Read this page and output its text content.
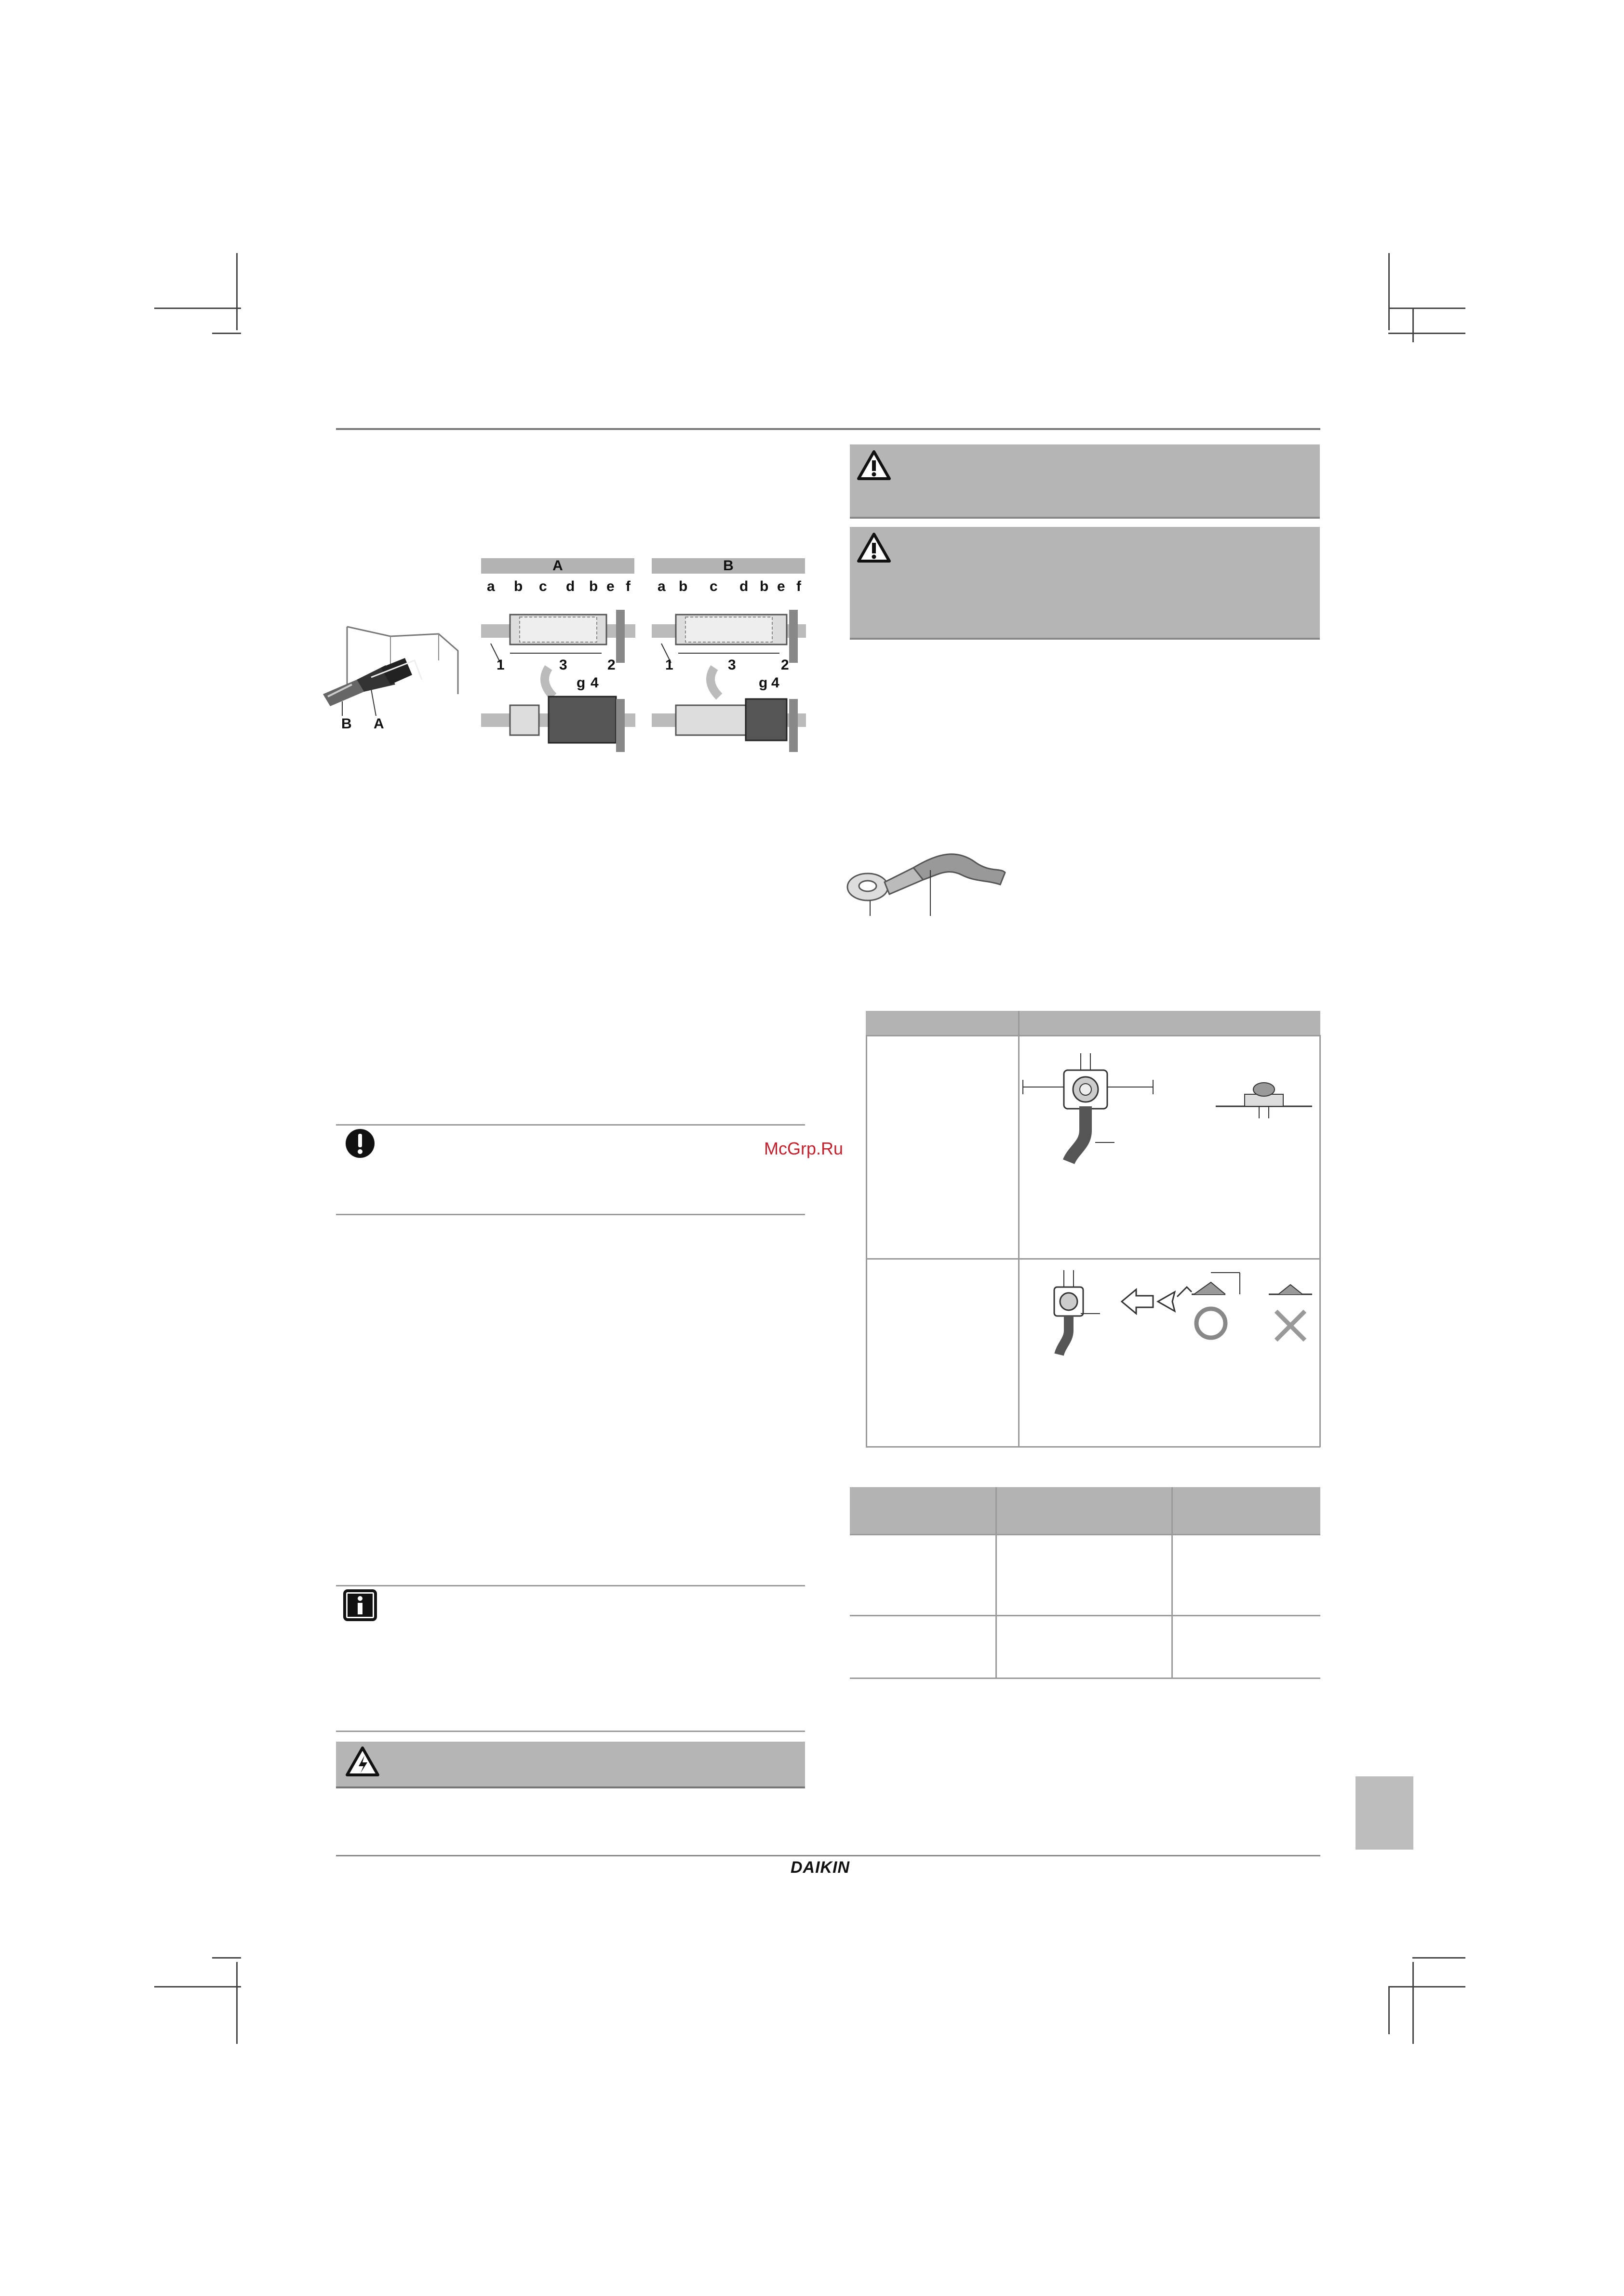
B A
A
a b c d b e f
1	3	2
g 4
B
a b c d b e f
1	3	2
g 4
McGrp.Ru
DAIKIN
